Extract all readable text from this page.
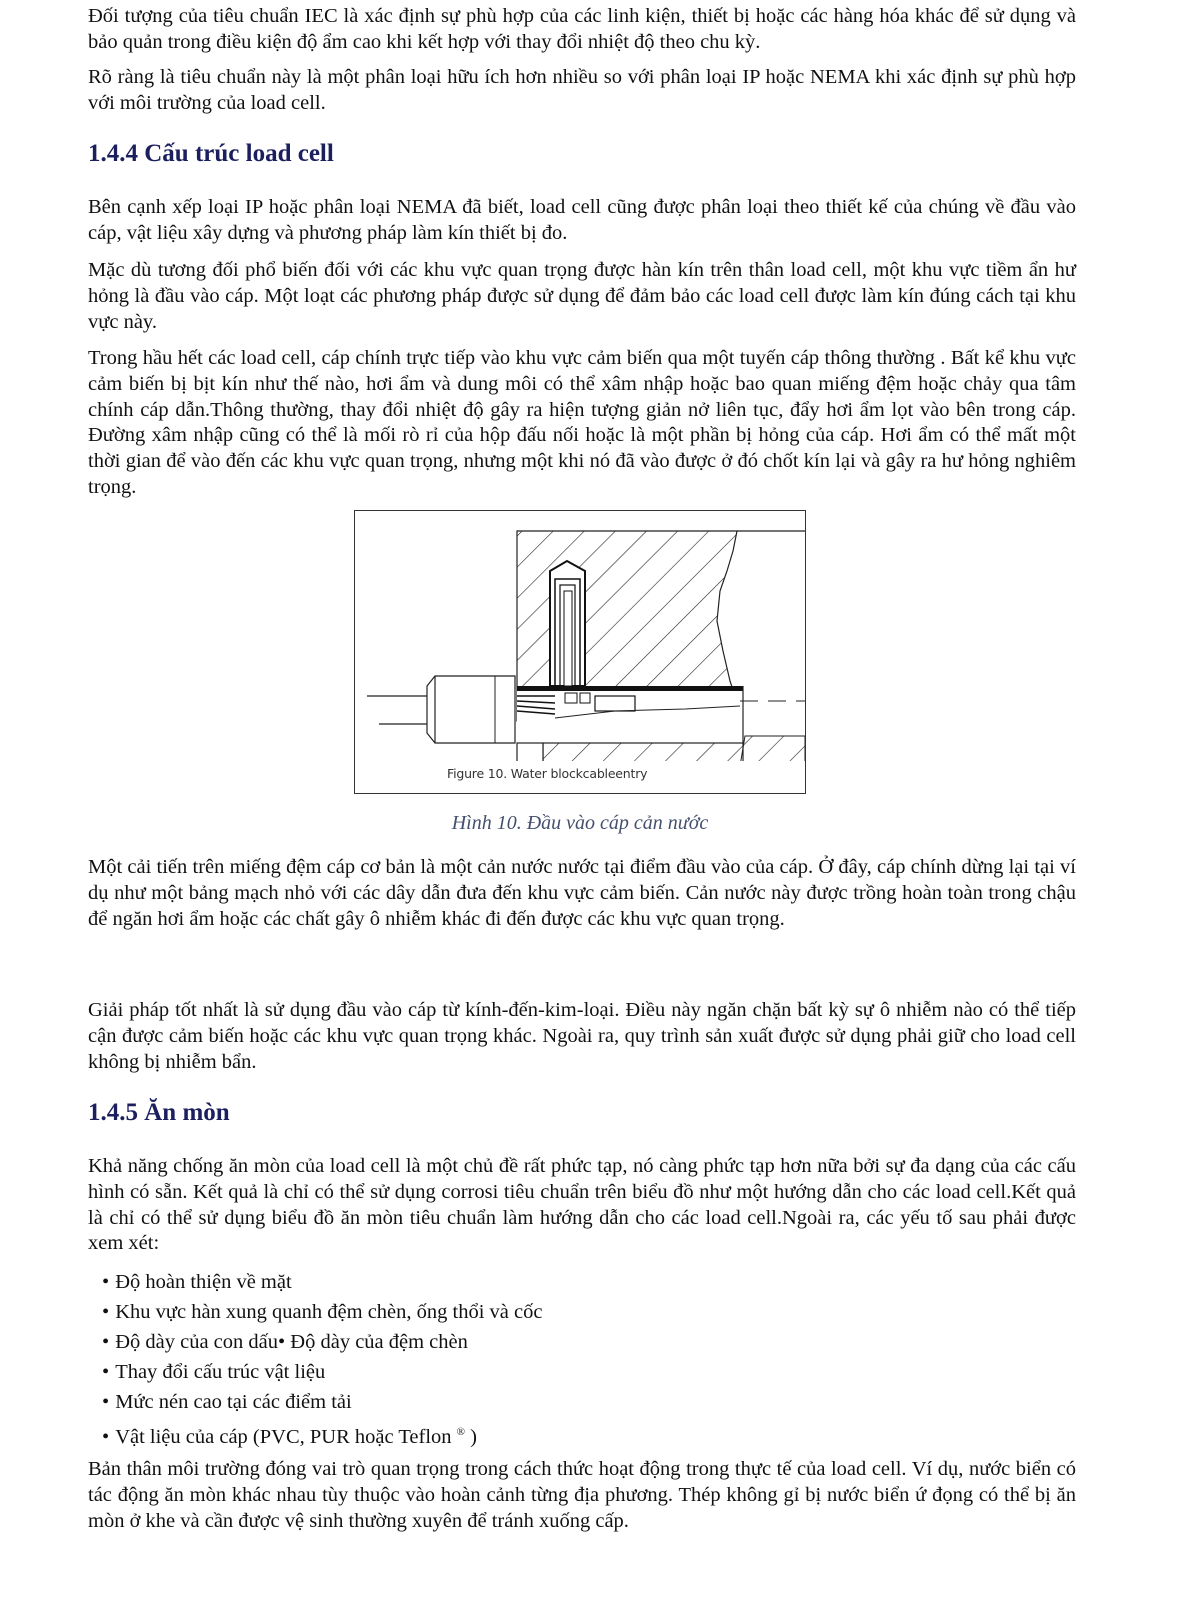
Đối tượng của tiêu chuẩn IEC là xác định sự phù hợp của các linh kiện, thiết bị hoặc các hàng hóa khác để sử dụng và bảo quản trong điều kiện độ ẩm cao khi kết hợp với thay đổi nhiệt độ theo chu kỳ.

Rõ ràng là tiêu chuẩn này là một phân loại hữu ích hơn nhiều so với phân loại IP hoặc NEMA khi xác định sự phù hợp với môi trường của load cell.

1.4.4 Cấu trúc load cell

Bên cạnh xếp loại IP hoặc phân loại NEMA đã biết, load cell cũng được phân loại theo thiết kế của chúng về đầu vào cáp, vật liệu xây dựng và phương pháp làm kín thiết bị đo.

Mặc dù tương đối phổ biến đối với các khu vực quan trọng được hàn kín trên thân load cell, một khu vực tiềm ẩn hư hỏng là đầu vào cáp. Một loạt các phương pháp được sử dụng để đảm bảo các load cell được làm kín đúng cách tại khu vực này.

Trong hầu hết các load cell, cáp chính trực tiếp vào khu vực cảm biến qua một tuyến cáp thông thường . Bất kể khu vực cảm biến bị bịt kín như thế nào, hơi ẩm và dung môi có thể xâm nhập hoặc bao quan miếng đệm hoặc chảy qua tâm chính cáp dẫn.Thông thường, thay đổi nhiệt độ gây ra hiện tượng giản nở liên tục, đẩy hơi ẩm lọt vào bên trong cáp. Đường xâm nhập cũng có thể là mối rò rỉ của hộp đấu nối hoặc là một phần bị hỏng của cáp. Hơi ẩm có thể mất một thời gian để vào đến các khu vực quan trọng, nhưng một khi nó đã vào được ở đó chốt kín lại và gây ra hư hỏng nghiêm trọng.

Figure 10. Water blockcableentry
Hình 10. Đầu vào cáp cản nước

Một cải tiến trên miếng đệm cáp cơ bản là một cản nước nước tại điểm đầu vào của cáp. Ở đây, cáp chính dừng lại tại ví dụ như một bảng mạch nhỏ với các dây dẫn đưa đến khu vực cảm biến. Cản nước này được trồng hoàn toàn trong chậu để ngăn hơi ẩm hoặc các chất gây ô nhiễm khác đi đến được các khu vực quan trọng.

Giải pháp tốt nhất là sử dụng đầu vào cáp từ kính-đến-kim-loại. Điều này ngăn chặn bất kỳ sự ô nhiễm nào có thể tiếp cận được cảm biến hoặc các khu vực quan trọng khác. Ngoài ra, quy trình sản xuất được sử dụng phải giữ cho load cell không bị nhiễm bẩn.

1.4.5 Ăn mòn

Khả năng chống ăn mòn của load cell là một chủ đề rất phức tạp, nó càng phức tạp hơn nữa bởi sự đa dạng của các cấu hình có sẵn. Kết quả là chỉ có thể sử dụng corrosi tiêu chuẩn trên biểu đồ như một hướng dẫn cho các load cell.Kết quả là chỉ có thể sử dụng biểu đồ ăn mòn tiêu chuẩn làm hướng dẫn cho các load cell.Ngoài ra, các yếu tố sau phải được xem xét:

• Độ hoàn thiện về mặt
• Khu vực hàn xung quanh đệm chèn, ống thổi và cốc
• Độ dày của con dấu• Độ dày của đệm chèn
• Thay đổi cấu trúc vật liệu
• Mức nén cao tại các điểm tải
• Vật liệu của cáp (PVC, PUR hoặc Teflon ® )

Bản thân môi trường đóng vai trò quan trọng trong cách thức hoạt động trong thực tế của load cell. Ví dụ, nước biển có tác động ăn mòn khác nhau tùy thuộc vào hoàn cảnh từng địa phương. Thép không gỉ bị nước biển ứ đọng có thể bị ăn mòn ở khe và cần được vệ sinh thường xuyên để tránh xuống cấp.
